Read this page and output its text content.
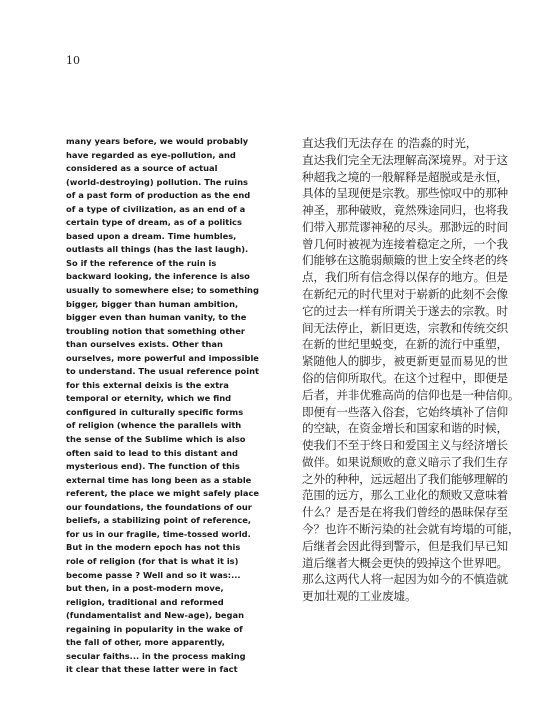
10
many years before, we would probably
have regarded as eye-pollution, and
considered as a source of actual
(world-destroying) pollution. The ruins
of a past form of production as the end
of a type of civilization, as an end of a
certain type of dream, as of a politics
based upon a dream. Time humbles,
outlasts all things (has the last laugh).
So if the reference of the ruin is
backward looking, the inference is also
usually to somewhere else; to something
bigger, bigger than human ambition,
bigger even than human vanity, to the
troubling notion that something other
than ourselves exists. Other than
ourselves, more powerful and impossible
to understand. The usual reference point
for this external deixis is the extra
temporal or eternity, which we find
configured in culturally specific forms
of religion (whence the parallels with
the sense of the Sublime which is also
often said to lead to this distant and
mysterious end). The function of this
external time has long been as a stable
referent, the place we might safely place
our foundations, the foundations of our
beliefs, a stabilizing point of reference,
for us in our fragile, time-tossed world.
But in the modern epoch has not this
role of religion (for that is what it is)
become passe ? Well and so it was:...
but then, in a post-modern move,
religion, traditional and reformed
(fundamentalist and New-age), began
regaining in popularity in the wake of
the fall of other, more apparently,
secular faiths... in the process making
it clear that these latter were in fact
直达我们无法存在 的浩淼的时光，
直达我们完全无法理解高深境界。对于这
种超我之境的一般解释是超脱或是永恒，
具体的呈现便是宗教。那些惊叹中的那种
神圣，那种破败，竟然殊途同归，也将我
们带入那荒谬神秘的尽头。那渺远的时间
曾几何时被视为连接着稳定之所，一个我
们能够在这脆弱颠簸的世上安全终老的终
点，我们所有信念得以保存的地方。但是
在新纪元的时代里对于崭新的此刻不会像
它的过去一样有所谓关于遂去的宗教。时
间无法停止，新旧更迭，宗教和传统交织
在新的世纪里蜕变，在新的流行中重塑，
紧随他人的脚步，被更新更显而易见的世
俗的信仰所取代。在这个过程中，即便是
后者，并非优雅高尚的信仰也是一种信仰。
即便有一些落入俗套，它始终填补了信仰
的空缺，在资金增长和国家和谐的时候，
使我们不至于终日和爱国主义与经济增长
做伴。如果说颓败的意义暗示了我们生存
之外的种种，远远超出了我们能够理解的
范围的远方，那么工业化的颓败又意味着
什么？是否是在将我们曾经的愚昧保存至
今？也许不断污染的社会就有垮塌的可能，
后继者会因此得到警示，但是我们早已知
道后继者大概会更快的毁掉这个世界吧。
那么这两代人将一起因为如今的不慎造就
更加壮观的工业废墟。
